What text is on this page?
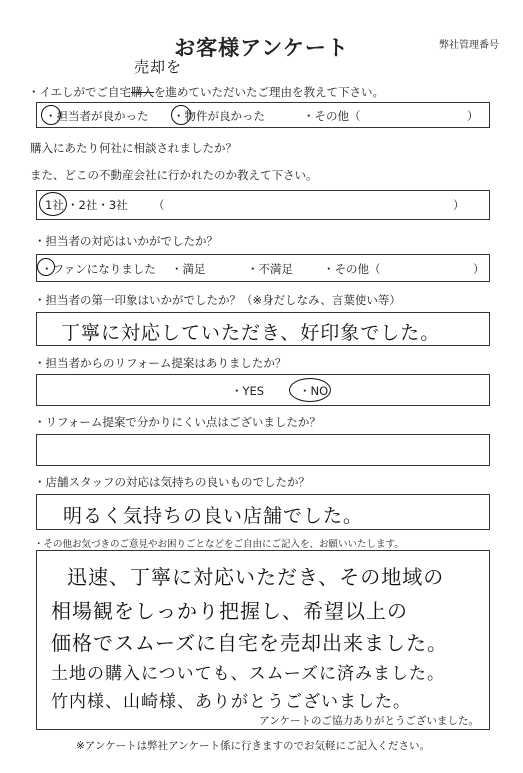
お客様アンケート	弊社管理番号
・イエしがでご自宅購入を進めていただいたご理由を教えて下さい。
売却を
・担当者が良かった ・物件が良かった	・その他（	）
購入にあたり何社に相談されましたか？
また、どこの不動産会社に行かれたのか教えて下さい。
1社 ・2社・3社 （	）
・担当者の対応はいかがでしたか？
・ファンになりました ・満足	・不満足	・その他（	）
・担当者の第一印象はいかがでしたか？（※身だしなみ、言葉使い等）
丁寧に対応していただき、好印象でした。
・担当者からのリフォーム提案はありましたか？
・YES	・NO
・リフォーム提案で分かりにくい点はございましたか？
・店舗スタッフの対応は気持ちの良いものでしたか？
明るく気持ちの良い店舗でした。
・その他お気づきのご意見やお困りごとなどをご自由にご記入を、お願いいたします。
迅速、丁寧に対応いただき、その地域の
相場観をしっかり把握し、希望以上の
価格でスムーズに自宅を売却出来ました。
土地の購入についても、スムーズに済みました。
竹内様、山崎様、ありがとうございました。
アンケートのご協力ありがとうございました。
※アンケートは弊社アンケート係に行きますのでお気軽にご記入ください。
